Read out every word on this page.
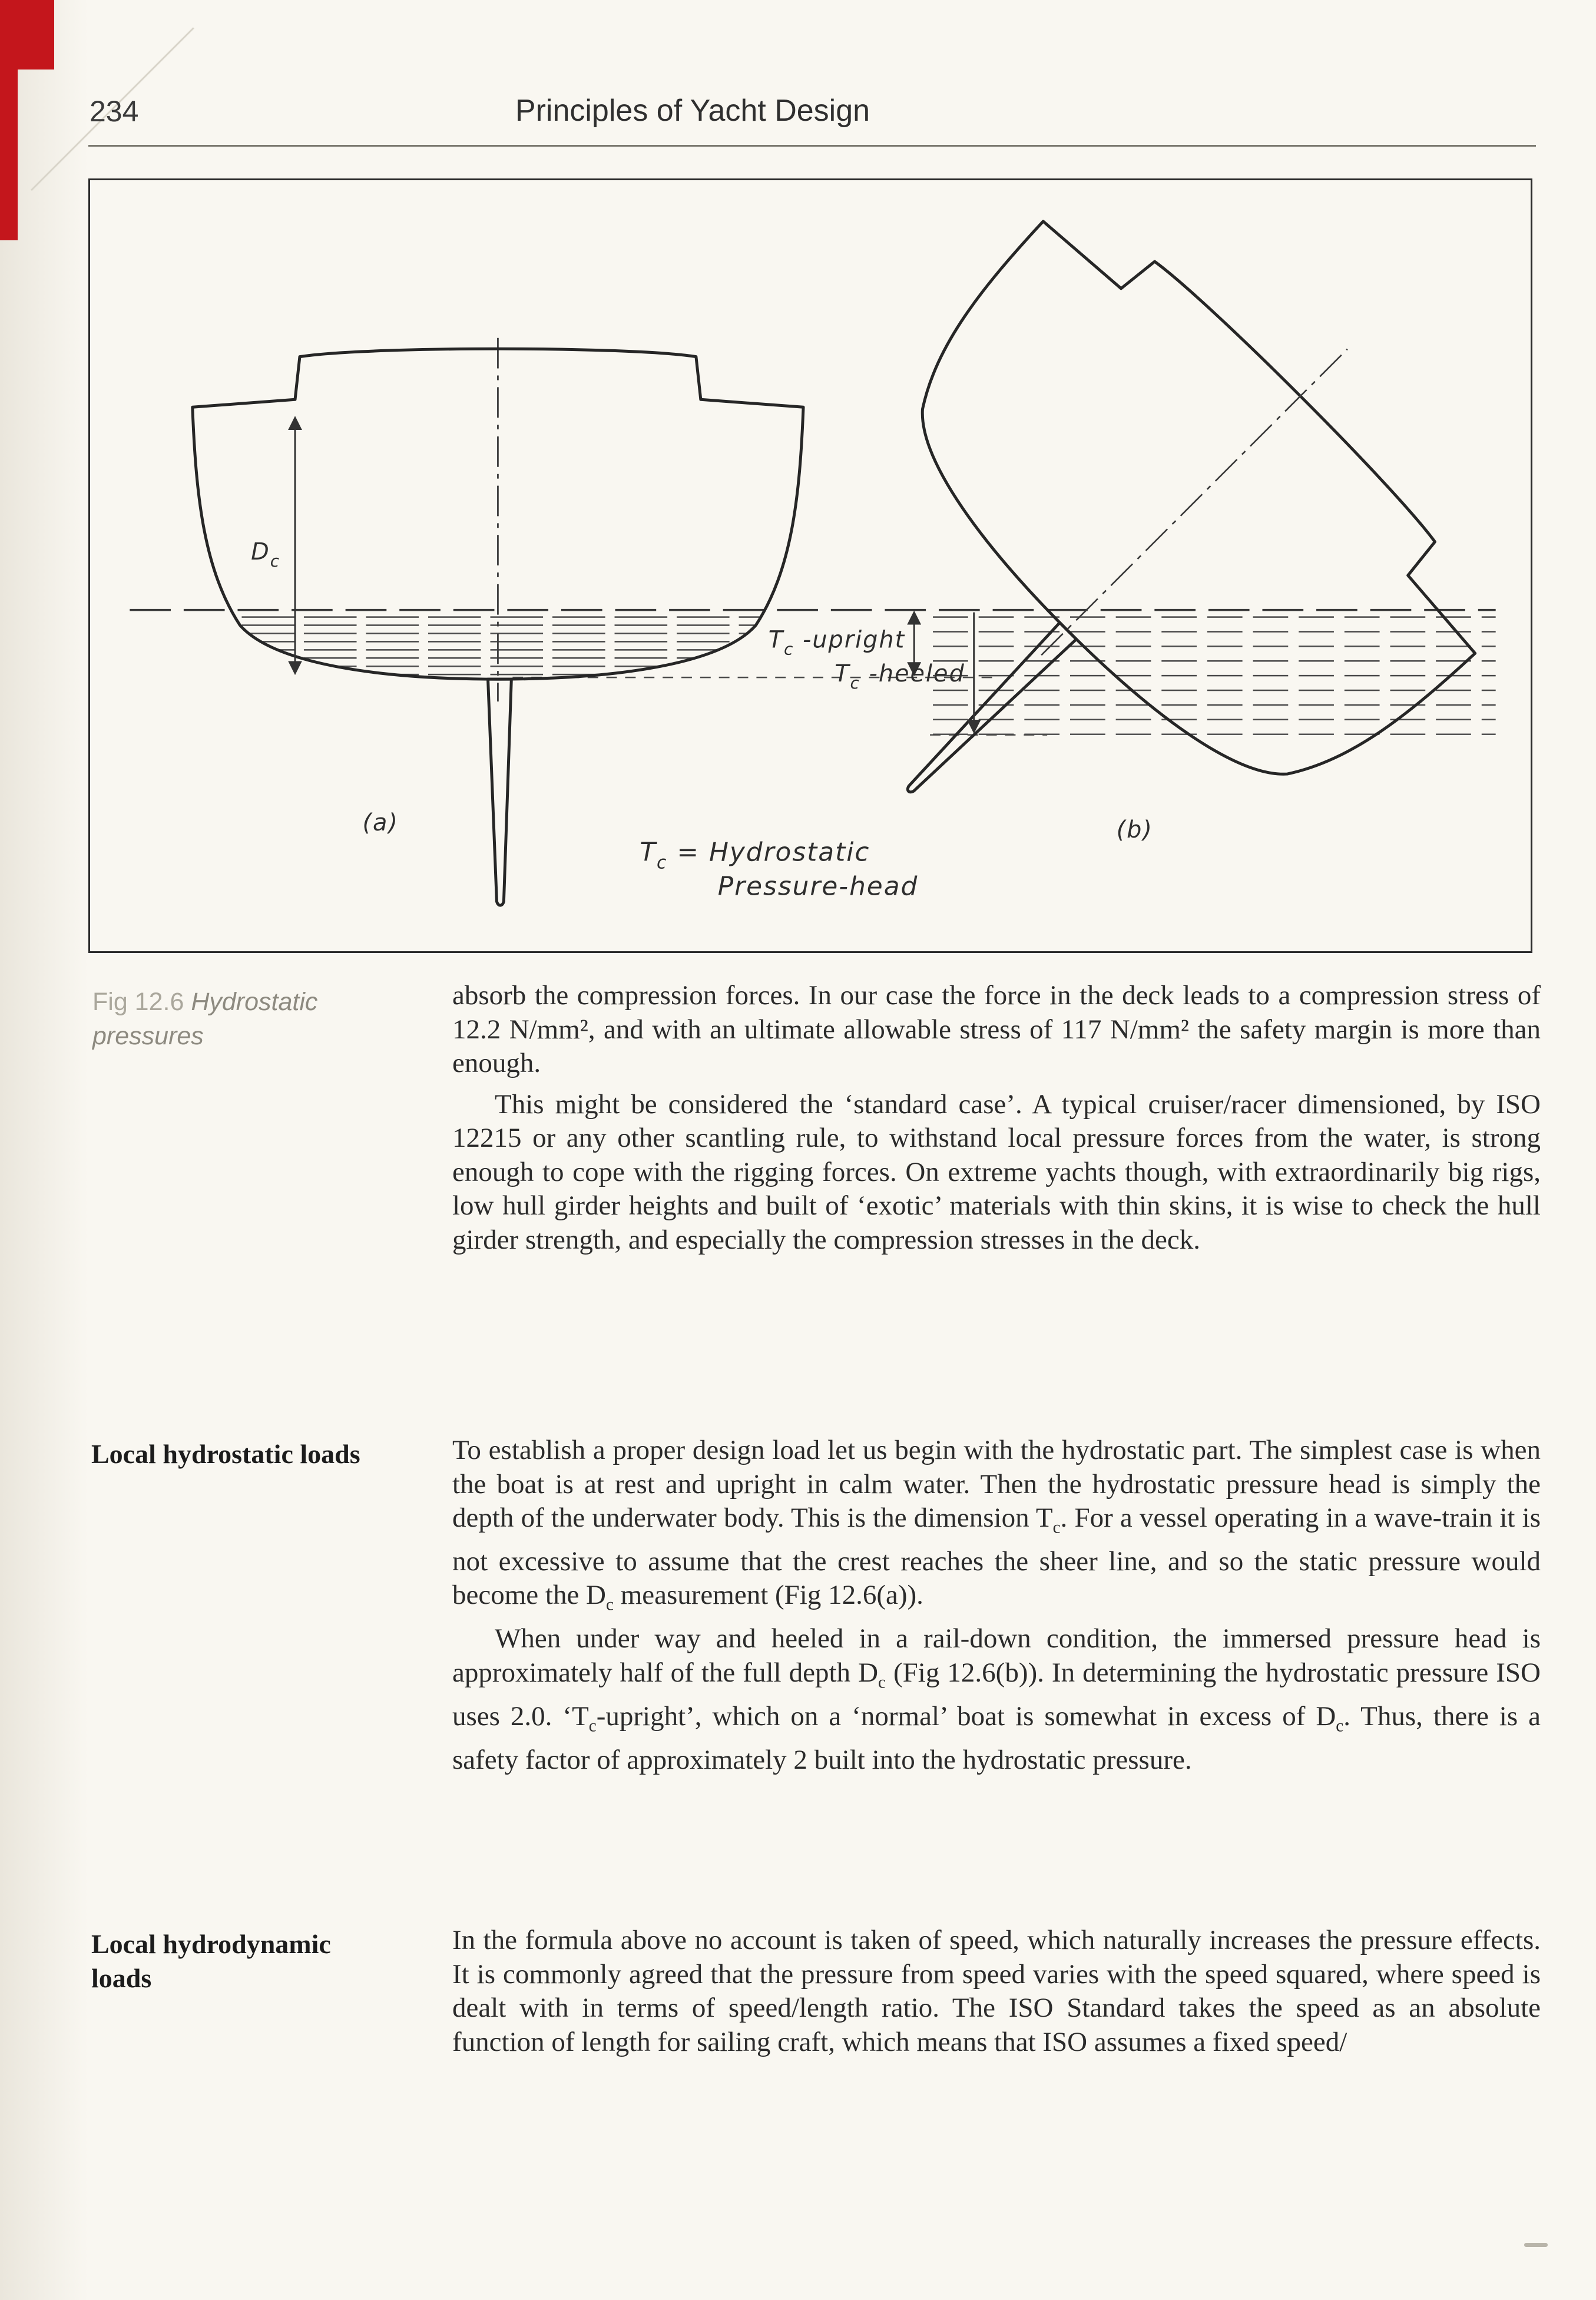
234	Principles of Yacht Design
$D_c$
$T_c$ -upright
$T_c$ -heeled
(a)	(b)
$T_c$ = Hydrostatic
Pressure-head
Fig 12.6 Hydrostatic
pressures
Local hydrostatic loads
Local hydrodynamic loads

absorb the compression forces. In our case the force in the deck leads to a compression stress of 12.2 N/mm², and with an ultimate allowable stress of 117 N/mm² the safety margin is more than enough.

This might be considered the ‘standard case’. A typical cruiser/racer dimensioned, by ISO 12215 or any other scantling rule, to withstand local pressure forces from the water, is strong enough to cope with the rigging forces. On extreme yachts though, with extraordinarily big rigs, low hull girder heights and built of ‘exotic’ materials with thin skins, it is wise to check the hull girder strength, and especially the compression stresses in the deck.

To establish a proper design load let us begin with the hydrostatic part. The simplest case is when the boat is at rest and upright in calm water. Then the hydrostatic pressure head is simply the depth of the underwater body. This is the dimension $T_c$. For a vessel operating in a wave-train it is not excessive to assume that the crest reaches the sheer line, and so the static pressure would become the $D_c$ measurement (Fig 12.6(a)).

When under way and heeled in a rail-down condition, the immersed pressure head is approximately half of the full depth $D_c$ (Fig 12.6(b)). In determining the hydrostatic pressure ISO uses 2.0. ‘$T_c$-upright’, which on a ‘normal’ boat is somewhat in excess of $D_c$. Thus, there is a safety factor of approximately 2 built into the hydrostatic pressure.

In the formula above no account is taken of speed, which naturally increases the pressure effects. It is commonly agreed that the pressure from speed varies with the speed squared, where speed is dealt with in terms of speed/length ratio. The ISO Standard takes the speed as an absolute function of length for sailing craft, which means that ISO assumes a fixed speed/
